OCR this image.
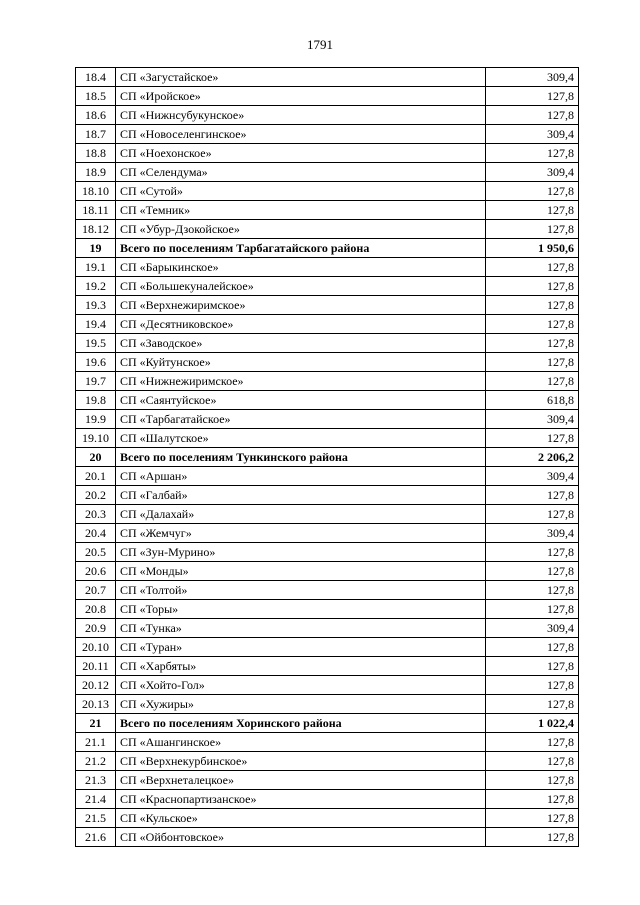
1791
18.4	СП «Загустайское»	309,4
18.5	СП «Иройское»	127,8
18.6	СП «Нижнсубукунское»	127,8
18.7	СП «Новоселенгинское»	309,4
18.8	СП «Ноехонское»	127,8
18.9	СП «Селендума»	309,4
18.10	СП «Сутой»	127,8
18.11	СП «Темник»	127,8
18.12	СП «Убур-Дзокойское»	127,8
19	Всего по поселениям Тарбагатайского района	1 950,6
19.1	СП «Барыкинское»	127,8
19.2	СП «Большекуналейское»	127,8
19.3	СП «Верхнежиримское»	127,8
19.4	СП «Десятниковское»	127,8
19.5	СП «Заводское»	127,8
19.6	СП «Куйтунское»	127,8
19.7	СП «Нижнежиримское»	127,8
19.8	СП «Саянтуйское»	618,8
19.9	СП «Тарбагатайское»	309,4
19.10	СП «Шалутское»	127,8
20	Всего по поселениям Тункинского района	2 206,2
20.1	СП «Аршан»	309,4
20.2	СП «Галбай»	127,8
20.3	СП «Далахай»	127,8
20.4	СП «Жемчуг»	309,4
20.5	СП «Зун-Мурино»	127,8
20.6	СП «Монды»	127,8
20.7	СП «Толтой»	127,8
20.8	СП «Торы»	127,8
20.9	СП «Тунка»	309,4
20.10	СП «Туран»	127,8
20.11	СП «Харбяты»	127,8
20.12	СП «Хойто-Гол»	127,8
20.13	СП «Хужиры»	127,8
21	Всего по поселениям Хоринского района	1 022,4
21.1	СП «Ашангинское»	127,8
21.2	СП «Верхнекурбинское»	127,8
21.3	СП «Верхнеталецкое»	127,8
21.4	СП «Краснопартизанское»	127,8
21.5	СП «Кульское»	127,8
21.6	СП «Ойбонтовское»	127,8
